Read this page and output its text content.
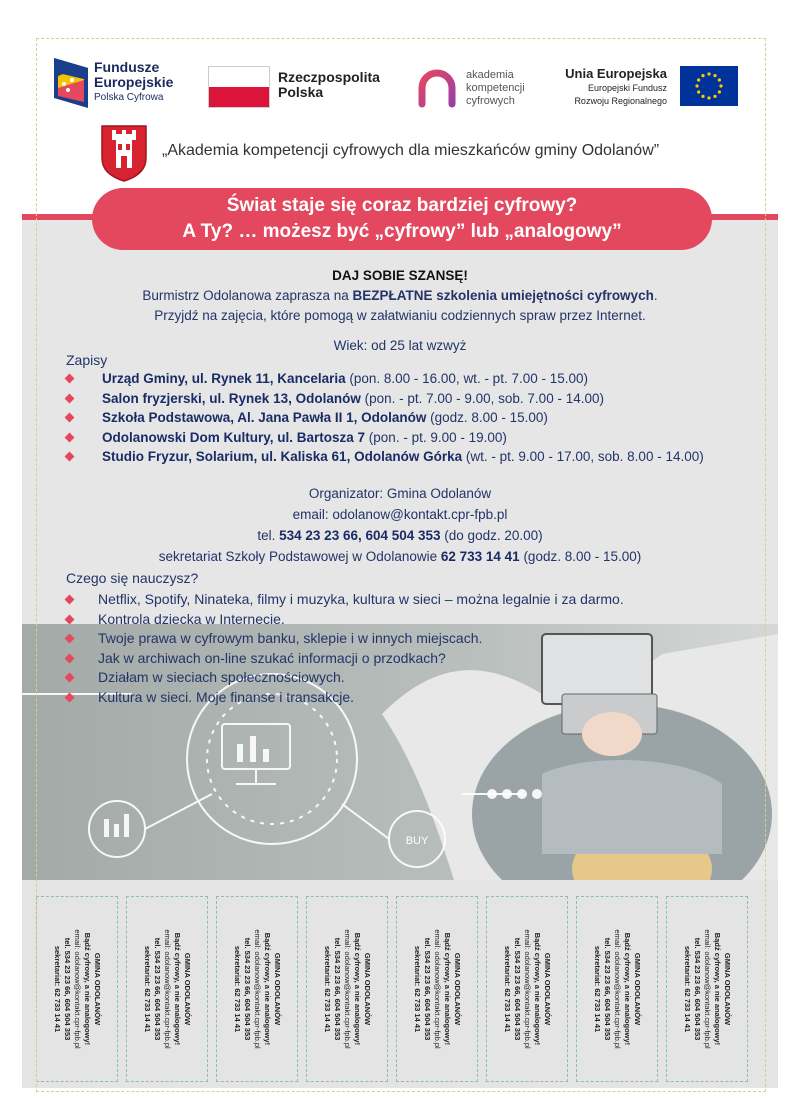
Fundusze
Europejskie
Polska Cyfrowa
Rzeczpospolita
Polska
akademia
kompetencji
cyfrowych
Unia Europejska
Europejski Fundusz
Rozwoju Regionalnego
„Akademia kompetencji cyfrowych dla mieszkańców gminy Odolanów”
Świat staje się coraz bardziej cyfrowy?
A Ty? … możesz być „cyfrowy” lub „analogowy”
BUY
DAJ SOBIE SZANSĘ!
Burmistrz Odolanowa zaprasza na BEZPŁATNE szkolenia umiejętności cyfrowych.
Przyjdź na zajęcia, które pomogą w załatwianiu codziennych spraw przez Internet.
Wiek: od 25 lat wzwyż
Zapisy
Urząd Gminy, ul. Rynek 11, Kancelaria (pon. 8.00 - 16.00, wt. - pt. 7.00 - 15.00)
Salon fryzjerski, ul. Rynek 13, Odolanów (pon. - pt. 7.00 - 9.00, sob. 7.00 - 14.00)
Szkoła Podstawowa, Al. Jana Pawła II 1, Odolanów (godz. 8.00 - 15.00)
Odolanowski Dom Kultury, ul. Bartosza 7 (pon. - pt. 9.00 - 19.00)
Studio Fryzur, Solarium, ul. Kaliska 61, Odolanów Górka (wt. - pt. 9.00 - 17.00, sob. 8.00 - 14.00)
Organizator: Gmina Odolanów
email: odolanow@kontakt.cpr-fpb.pl
tel. 534 23 23 66, 604 504 353 (do godz. 20.00)
sekretariat Szkoły Podstawowej w Odolanowie 62 733 14 41 (godz. 8.00 - 15.00)
Czego się nauczysz?
Netflix, Spotify, Ninateka, filmy i muzyka, kultura w sieci – można legalnie i za darmo.
Kontrola dziecka w Internecie.
Twoje prawa w cyfrowym banku, sklepie i w innych miejscach.
Jak w archiwach on-line szukać informacji o przodkach?
Działam w sieciach społecznościowych.
Kultura w sieci. Moje finanse i transakcje.
GMINA ODOLANÓW
Bądź cyfrowy, a nie analogowy!
email: odolanow@kontakt.cpr-fpb.pl
tel. 534 23 23 66, 604 504 353
sekretariat: 62 733 14 41	GMINA ODOLANÓW
Bądź cyfrowy, a nie analogowy!
email: odolanow@kontakt.cpr-fpb.pl
tel. 534 23 23 66, 604 504 353
sekretariat: 62 733 14 41	GMINA ODOLANÓW
Bądź cyfrowy, a nie analogowy!
email: odolanow@kontakt.cpr-fpb.pl
tel. 534 23 23 66, 604 504 353
sekretariat: 62 733 14 41	GMINA ODOLANÓW
Bądź cyfrowy, a nie analogowy!
email: odolanow@kontakt.cpr-fpb.pl
tel. 534 23 23 66, 604 504 353
sekretariat: 62 733 14 41	GMINA ODOLANÓW
Bądź cyfrowy, a nie analogowy!
email: odolanow@kontakt.cpr-fpb.pl
tel. 534 23 23 66, 604 504 353
sekretariat: 62 733 14 41	GMINA ODOLANÓW
Bądź cyfrowy, a nie analogowy!
email: odolanow@kontakt.cpr-fpb.pl
tel. 534 23 23 66, 604 504 353
sekretariat: 62 733 14 41	GMINA ODOLANÓW
Bądź cyfrowy, a nie analogowy!
email: odolanow@kontakt.cpr-fpb.pl
tel. 534 23 23 66, 604 504 353
sekretariat: 62 733 14 41	GMINA ODOLANÓW
Bądź cyfrowy, a nie analogowy!
email: odolanow@kontakt.cpr-fpb.pl
tel. 534 23 23 66, 604 504 353
sekretariat: 62 733 14 41
